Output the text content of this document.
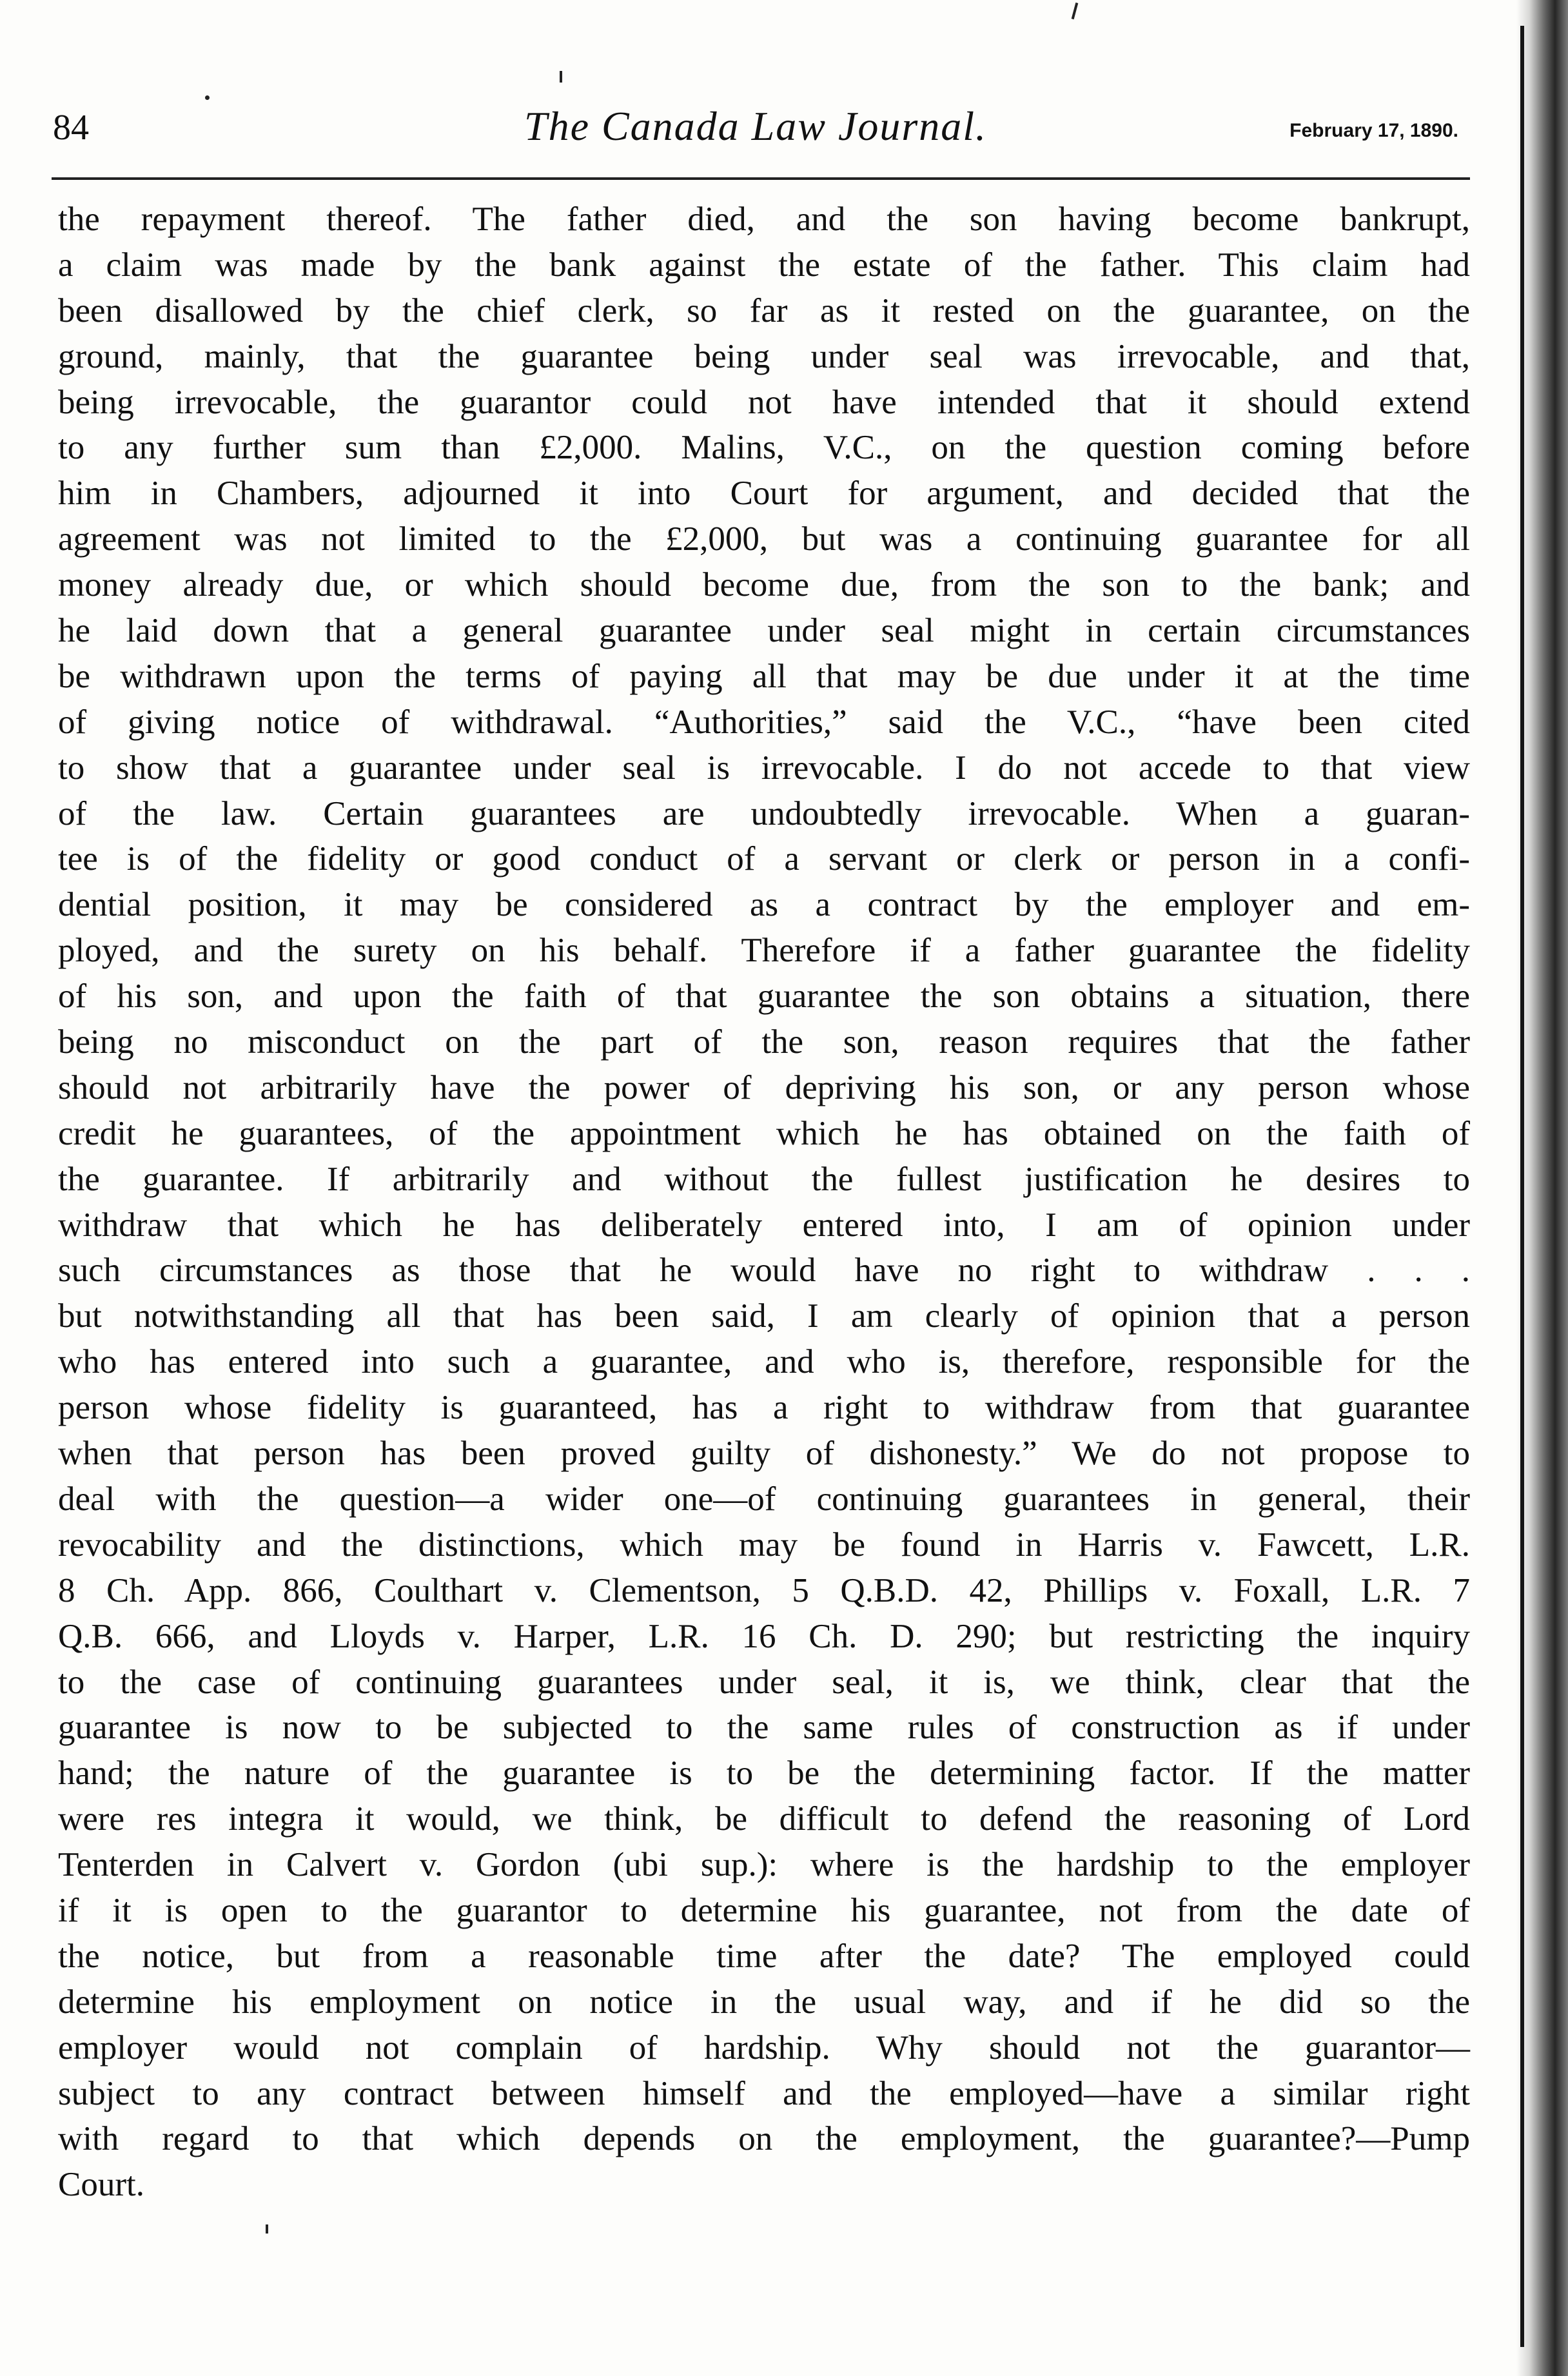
84	The Canada Law Journal.	February 17, 1890.
the repayment thereof. The father died, and the son having become bankrupt,
a claim was made by the bank against the estate of the father. This claim had
been disallowed by the chief clerk, so far as it rested on the guarantee, on the
ground, mainly, that the guarantee being under seal was irrevocable, and that,
being irrevocable, the guarantor could not have intended that it should extend
to any further sum than £2,000. Malins, V.C., on the question coming before
him in Chambers, adjourned it into Court for argument, and decided that the
agreement was not limited to the £2,000, but was a continuing guarantee for all
money already due, or which should become due, from the son to the bank; and
he laid down that a general guarantee under seal might in certain circumstances
be withdrawn upon the terms of paying all that may be due under it at the time
of giving notice of withdrawal. “Authorities,” said the V.C., “have been cited
to show that a guarantee under seal is irrevocable. I do not accede to that view
of the law. Certain guarantees are undoubtedly irrevocable. When a guaran-
tee is of the fidelity or good conduct of a servant or clerk or person in a confi-
dential position, it may be considered as a contract by the employer and em-
ployed, and the surety on his behalf. Therefore if a father guarantee the fidelity
of his son, and upon the faith of that guarantee the son obtains a situation, there
being no misconduct on the part of the son, reason requires that the father
should not arbitrarily have the power of depriving his son, or any person whose
credit he guarantees, of the appointment which he has obtained on the faith of
the guarantee. If arbitrarily and without the fullest justification he desires to
withdraw that which he has deliberately entered into, I am of opinion under
such circumstances as those that he would have no right to withdraw . . .
but notwithstanding all that has been said, I am clearly of opinion that a person
who has entered into such a guarantee, and who is, therefore, responsible for the
person whose fidelity is guaranteed, has a right to withdraw from that guarantee
when that person has been proved guilty of dishonesty.” We do not propose to
deal with the question—a wider one—of continuing guarantees in general, their
revocability and the distinctions, which may be found in Harris v. Fawcett, L.R.
8 Ch. App. 866, Coulthart v. Clementson, 5 Q.B.D. 42, Phillips v. Foxall, L.R. 7
Q.B. 666, and Lloyds v. Harper, L.R. 16 Ch. D. 290; but restricting the inquiry
to the case of continuing guarantees under seal, it is, we think, clear that the
guarantee is now to be subjected to the same rules of construction as if under
hand; the nature of the guarantee is to be the determining factor. If the matter
were res integra it would, we think, be difficult to defend the reasoning of Lord
Tenterden in Calvert v. Gordon (ubi sup.): where is the hardship to the employer
if it is open to the guarantor to determine his guarantee, not from the date of
the notice, but from a reasonable time after the date? The employed could
determine his employment on notice in the usual way, and if he did so the
employer would not complain of hardship. Why should not the guarantor—
subject to any contract between himself and the employed—have a similar right
with regard to that which depends on the employment, the guarantee?—Pump
Court.
